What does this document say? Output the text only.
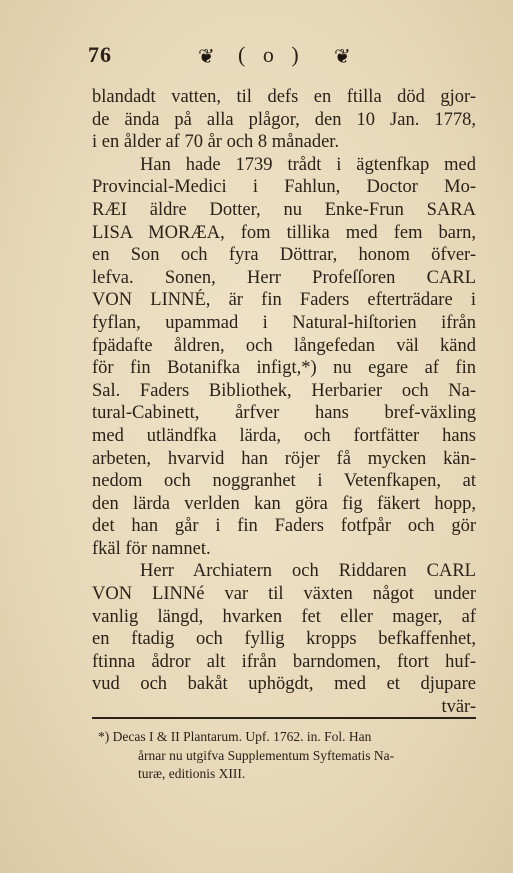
76	❦ ( o ) ❦
blandadt vatten, til defs en ftilla död gjor-
de ända på alla plågor, den 10 Jan. 1778,
i en ålder af 70 år och 8 månader.
Han hade 1739 trådt i ägtenfkap med
Provincial-Medici i Fahlun, Doctor Mo-
RÆI äldre Dotter, nu Enke-Frun SARA
LISA MORÆA, fom tillika med fem barn,
en Son och fyra Döttrar, honom öfver-
lefva. Sonen, Herr Profeſſoren CARL
VON LINNÉ, är fin Faders efterträdare i
fyflan, upammad i Natural-hiſtorien ifrån
fpädafte åldren, och långefedan väl känd
för fin Botanifka infigt,*) nu egare af fin
Sal. Faders Bibliothek, Herbarier och Na-
tural-Cabinett, årfver hans bref-växling
med utländfka lärda, och fortfätter hans
arbeten, hvarvid han röjer få mycken kän-
nedom och noggranhet i Vetenfkapen, at
den lärda verlden kan göra fig fäkert hopp,
det han går i fin Faders fotfpår och gör
fkäl för namnet.
Herr Archiatern och Riddaren CARL
VON LINNé var til växten något under
vanlig längd, hvarken fet eller mager, af
en ftadig och fyllig kropps befkaffenhet,
ftinna ådror alt ifrån barndomen, ftort huf-
vud och bakåt uphögdt, med et djupare
tvär-
*) Decas I & II Plantarum. Upf. 1762. in. Fol. Han
årnar nu utgifva Supplementum Syftematis Na-
turæ, editionis XIII.
